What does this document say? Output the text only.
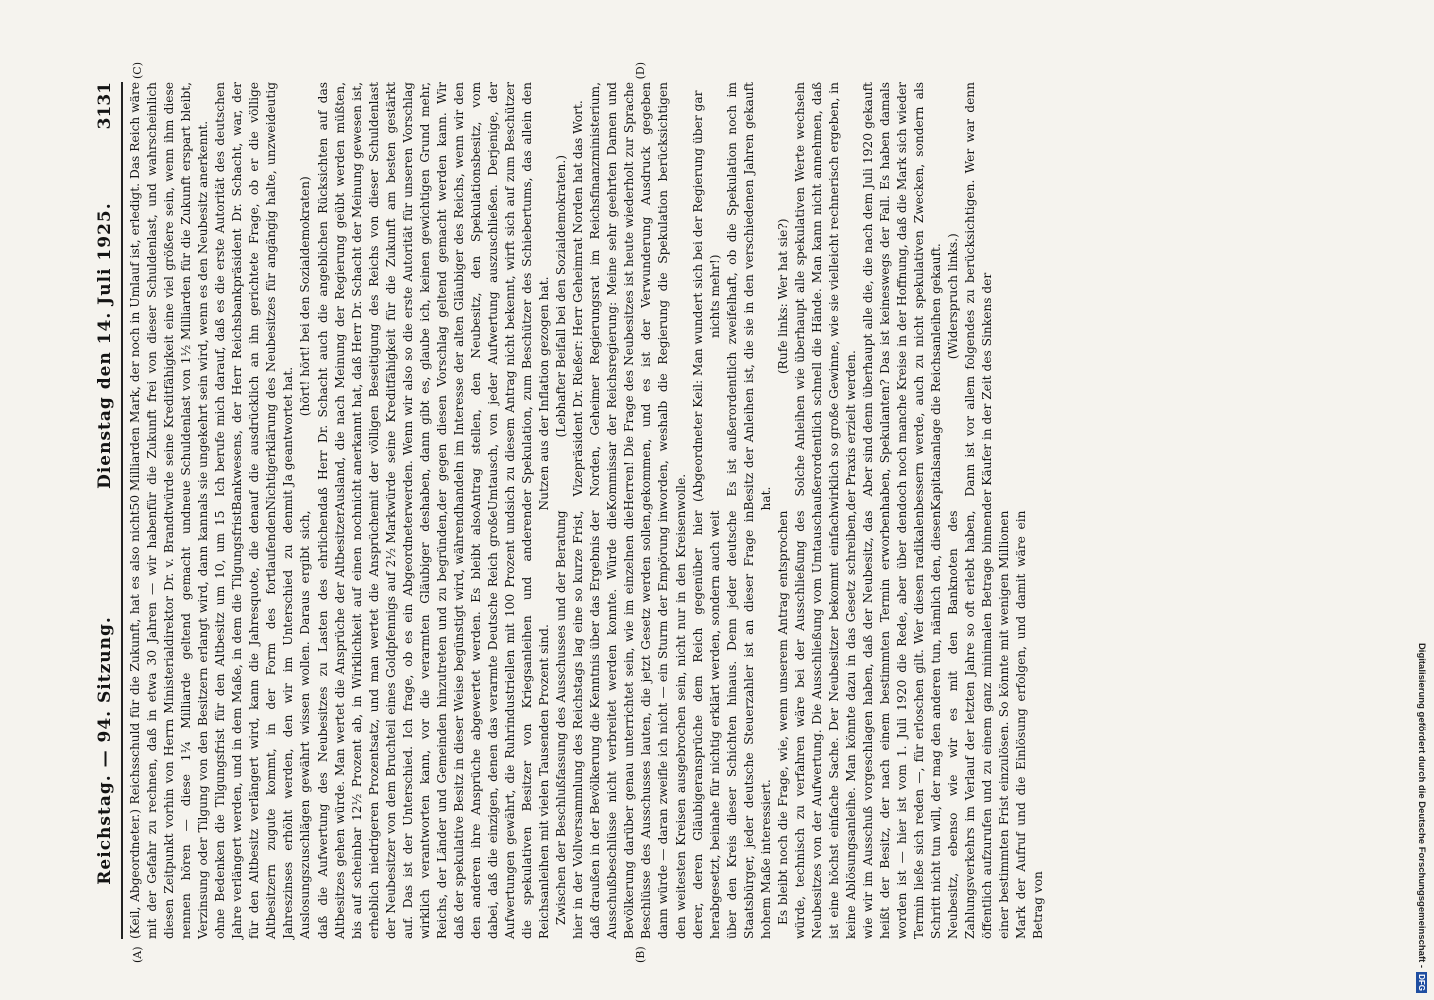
Reichstag. — 94. Sitzung.
Dienstag den 14. Juli 1925.
3131
(A)	(B)

(Keil, Abgeordneter.) Reichsschuld für die Zukunft, hat es also nicht mit der Gefahr zu rechnen, daß in etwa 30 Jahren — wir haben diesen Zeitpunkt vorhin von Herrn Ministerialdirektor Dr. v. Brandt nennen hören — diese 1¼ Milliarde geltend gemacht und Verzinsung oder Tilgung von den Besitzern erlangt wird, dann kann ohne Bedenken die Tilgungsfrist für den Altbesitz um 10, um 15 Jahre verlängert werden, und in dem Maße, in dem die Tilgungsfrist für den Altbesitz verlängert wird, kann die Jahresquote, die den Altbesitzern zugute kommt, in der Form des fortlaufenden Jahreszinses erhöht werden, den wir im Unterschied zu den Auslosungszuschlägen gewährt wissen wollen. Daraus ergibt sich, daß die Aufwertung des Neubesitzes zu Lasten des ehrlichen Altbesitzes gehen würde. Man wertet die Ansprüche der Altbesitzer bis auf scheinbar 12½ Prozent ab, in Wirklichkeit auf einen noch erheblich niedrigeren Prozentsatz, und man wertet die Ansprüche der Neubesitzer von dem Bruchteil eines Goldpfennigs auf 2½ Mark auf. Das ist der Unterschied. Ich frage, ob es ein Abgeordneter wirklich verantworten kann, vor die verarmten Gläubiger des Reichs, der Länder und Gemeinden hinzutreten und zu begründen, daß der spekulative Besitz in dieser Weise begünstigt wird, während den anderen ihre Ansprüche abgewertet werden. Es bleibt also dabei, daß die einzigen, denen das verarmte Deutsche Reich große Aufwertungen gewährt, die Ruhrindustriellen mit 100 Prozent und die spekulativen Besitzer von Kriegsanleihen und anderen Reichsanleihen mit vielen Tausenden Prozent sind. Zwischen der Beschlußfassung des Ausschusses und der Beratung hier in der Vollversammlung des Reichstags lag eine so kurze Frist, daß draußen in der Bevölkerung die Kenntnis über das Ergebnis der Ausschußbeschlüsse nicht verbreitet werden konnte. Würde die Bevölkerung darüber genau unterrichtet sein, wie im einzelnen die Beschlüsse des Ausschusses lauten, die jetzt Gesetz werden sollen, dann würde — daran zweifle ich nicht — ein Sturm der Empörung in den weitesten Kreisen ausgebrochen sein, nicht nur in den Kreisen derer, deren Gläubigeransprüche dem Reich gegenüber hier herabgesetzt, beinahe für nichtig erklärt werden, sondern auch weit über den Kreis dieser Schichten hinaus. Denn jeder deutsche Staatsbürger, jeder deutsche Steuerzahler ist an dieser Frage in hohem Maße interessiert. Es bleibt noch die Frage, wie, wenn unserem Antrag entsprochen würde, technisch zu verfahren wäre bei der Ausschließung des Neubesitzes von der Aufwertung. Die Ausschließung vom Umtausch ist eine höchst einfache Sache. Der Neubesitzer bekommt einfach keine Ablösungsanleihe. Man könnte dazu in das Gesetz schreiben, wie wir im Ausschuß vorgeschlagen haben, daß der Neubesitz, das heißt der Besitz, der nach einem bestimmten Termin erworben worden ist — hier ist vom 1. Juli 1920 die Rede, aber über den Termin ließe sich reden —, für erloschen gilt. Wer diesen radikalen Schritt nicht tun will, der mag den anderen tun, nämlich den, diesen Neubesitz, ebenso wie wir es mit den Banknoten des Zahlungsverkehrs im Verlauf der letzten Jahre so oft erlebt haben, öffentlich aufzurufen und zu einem ganz minimalen Betrage binnen einer bestimmten Frist einzulösen. So könnte mit wenigen Millionen Mark der Aufruf und die Einlösung erfolgen, und damit wäre ein Betrag von

(C)	(D)

50 Milliarden Mark, der noch in Umlauf ist, erledigt. Das Reich wäre für die Zukunft frei von dieser Schuldenlast, und wahrscheinlich würde seine Kreditfähigkeit eine viel größere sein, wenn ihm diese neue Schuldenlast von 1½ Milliarden für die Zukunft erspart bleibt, als sie ungekehrt sein wird, wenn es den Neubesitz anerkennt. Ich berufe mich darauf, daß es die erste Autorität des deutschen Bankwesens, der Herr Reichsbankpräsident Dr. Schacht, war, der auf die ausdrücklich an ihn gerichtete Frage, ob er die völlige Nichtigerklärung des Neubesitzes für angängig halte, unzweideutig mit Ja geantwortet hat.

(hört! hört! bei den Sozialdemokraten) daß Herr Dr. Schacht auch die angeblichen Rücksichten auf das Ausland, die nach Meinung der Regierung geübt werden müßten, nicht anerkannt hat, daß Herr Dr. Schacht der Meinung gewesen ist, mit der völligen Beseitigung des Reichs von dieser Schuldenlast würde seine Kreditfähigkeit für die Zukunft am besten gestärkt werden. Wenn wir also so die erste Autorität für unseren Vorschlag haben, dann gibt es, glaube ich, keinen gewichtigen Grund mehr, der gegen diesen Vorschlag geltend gemacht werden kann. Wir handeln im Interesse der alten Gläubiger des Reichs, wenn wir den Antrag stellen, den Neubesitz, den Spekulationsbesitz, vom Umtausch, von jeder Aufwertung auszuschließen. Derjenige, der sich zu diesem Antrag nicht bekennt, wirft sich auf zum Beschützer der Spekulation, zum Beschützer des Schiebertums, das allein den Nutzen aus der Inflation gezogen hat. (Lebhafter Beifall bei den Sozialdemokraten.) Vizepräsident Dr. Rießer: Herr Geheimrat Norden hat das Wort. Norden, Geheimer Regierungsrat im Reichsfinanzministerium, Kommissar der Reichsregierung: Meine sehr geehrten Damen und Herren! Die Frage des Neubesitzes ist heute wiederholt zur Sprache gekommen, und es ist der Verwunderung Ausdruck gegeben worden, weshalb die Regierung die Spekulation berücksichtigen wolle. (Abgeordneter Keil: Man wundert sich bei der Regierung über gar nichts mehr!) Es ist außerordentlich zweifelhaft, ob die Spekulation noch im Besitz der Anleihen ist, die sie in den verschiedenen Jahren gekauft hat.

(Rufe links: Wer hat sie?) Solche Anleihen wie überhaupt alle spekulativen Werte wechseln außerordentlich schnell die Hände. Man kann nicht annehmen, daß wirklich so große Gewinne, wie sie vielleicht rechnerisch ergeben, in der Praxis erzielt werden. Aber sind denn überhaupt alle die, die nach dem Juli 1920 gekauft haben, Spekulanten? Das ist keineswegs der Fall. Es haben damals doch noch manche Kreise in der Hoffnung, daß die Mark sich wieder bessern werde, auch zu nicht spekulativen Zwecken, sondern als Kapitalsanlage die Reichsanleihen gekauft. (Widerspruch links.) Dann ist vor allem folgendes zu berücksichtigen. Wer war denn der Käufer in der Zeit des Sinkens der

Digitalisierung gefördert durch die Deutsche Forschungsgemeinschaft -
DFG
